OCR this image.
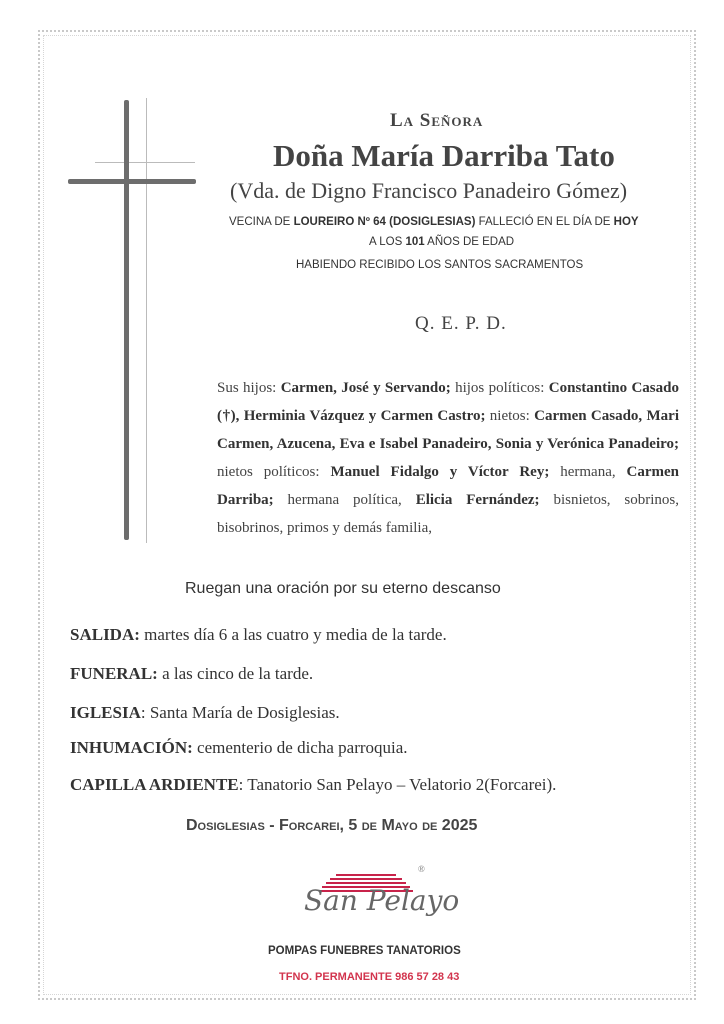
La Señora
Doña María Darriba Tato
(Vda. de Digno Francisco Panadeiro Gómez)
VECINA DE LOUREIRO Nº 64 (DOSIGLESIAS) FALLECIÓ EN EL DÍA DE HOY
A LOS 101 AÑOS DE EDAD
HABIENDO RECIBIDO LOS SANTOS SACRAMENTOS
Q. E. P. D.
Sus hijos: Carmen, José y Servando; hijos políticos: Constantino Casado (†), Herminia Vázquez y Carmen Castro; nietos: Carmen Casado, Mari Carmen, Azucena, Eva e Isabel Panadeiro, Sonia y Verónica Panadeiro; nietos políticos: Manuel Fidalgo y Víctor Rey; hermana, Carmen Darriba; hermana política, Elicia Fernández; bisnietos, sobrinos, bisobrinos, primos y demás familia,
Ruegan una oración por su eterno descanso
SALIDA: martes día 6 a las cuatro y media de la tarde.
FUNERAL: a las cinco de la tarde.
IGLESIA: Santa María de Dosiglesias.
INHUMACIÓN: cementerio de dicha parroquia.
CAPILLA ARDIENTE: Tanatorio San Pelayo – Velatorio 2(Forcarei).
Dosiglesias - Forcarei, 5 de Mayo de 2025
San Pelayo
®
POMPAS FUNEBRES TANATORIOS
TFNO. PERMANENTE 986 57 28 43
